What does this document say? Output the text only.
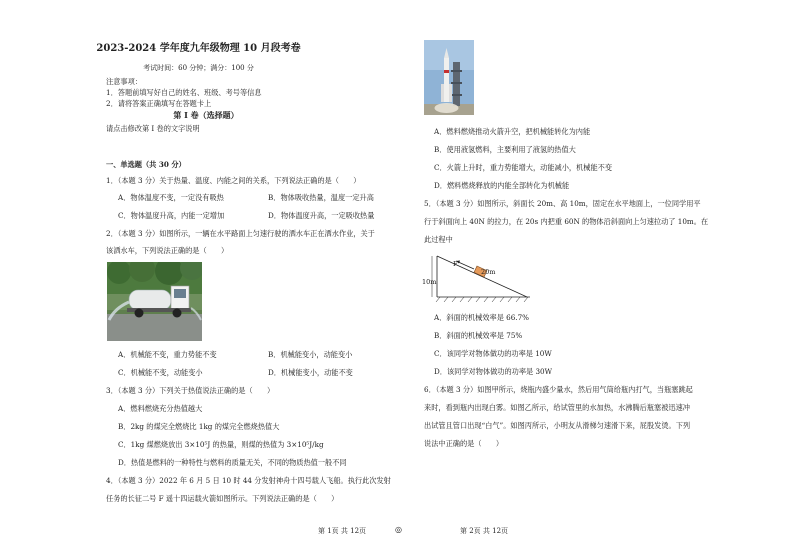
2023-2024 学年度九年级物理 10 月段考卷
考试时间：60 分钟；满分：100 分
注意事项：
1．答题前填写好自己的姓名、班级、考号等信息
2．请将答案正确填写在答题卡上
第 I 卷（选择题）
请点击修改第 I 卷的文字说明
一、单选题（共 30 分）
1．（本题 3 分）关于热量、温度、内能之间的关系，下列说法正确的是（　　）
A．物体温度不变，一定没有吸热	B．物体吸收热量，温度一定升高
C．物体温度升高，内能一定增加	D．物体温度升高，一定吸收热量
2．（本题 3 分）如图所示，一辆在水平路面上匀速行驶的洒水车正在洒水作业，关于
该洒水车，下列说法正确的是（　　）
A．机械能不变，重力势能不变	B．机械能变小，动能变小
C．机械能不变，动能变小	D．机械能变小，动能不变
3．（本题 3 分）下列关于热值说法正确的是（　　）
A．燃料燃烧充分热值越大
B．2kg 的煤完全燃烧比 1kg 的煤完全燃烧热值大
C．1kg 煤燃烧放出 3×10⁵J 的热量，则煤的热值为 3×10⁵J/kg
D．热值是燃料的一种特性与燃料的质量无关，不同的物质热值一般不同
4．（本题 3 分）2022 年 6 月 5 日 10 时 44 分发射神舟十四号载人飞船。执行此次发射
任务的长征二号 F 遥十四运载火箭如图所示。下列说法正确的是（　　）
第 1页 共 12页	◎
A．燃料燃烧推动火箭升空，把机械能转化为内能
B．使用液氢燃料，主要利用了液氢的热值大
C．火箭上升时，重力势能增大，动能减小，机械能不变
D．燃料燃烧释放的内能全部转化为机械能
5．（本题 3 分）如图所示，斜面长 20m、高 10m，固定在水平地面上，一位同学用平
行于斜面向上 40N 的拉力，在 20s 内把重 60N 的物体沿斜面向上匀速拉动了 10m。在
此过程中
F
20m
10m
A．斜面的机械效率是 66.7%
B．斜面的机械效率是 75%
C．该同学对物体做功的功率是 10W
D．该同学对物体做功的功率是 30W
6．（本题 3 分）如图甲所示，烧瓶内盛少量水，然后用气筒给瓶内打气，当瓶塞跳起
来时，看到瓶内出现白雾。如图乙所示，给试管里的水加热，水沸腾后瓶塞被迅速冲
出试管且管口出现“白气”。如图丙所示，小明友从滑梯匀速滑下来，屁股发烫。下列
说法中正确的是（　　）
第 2页 共 12页
